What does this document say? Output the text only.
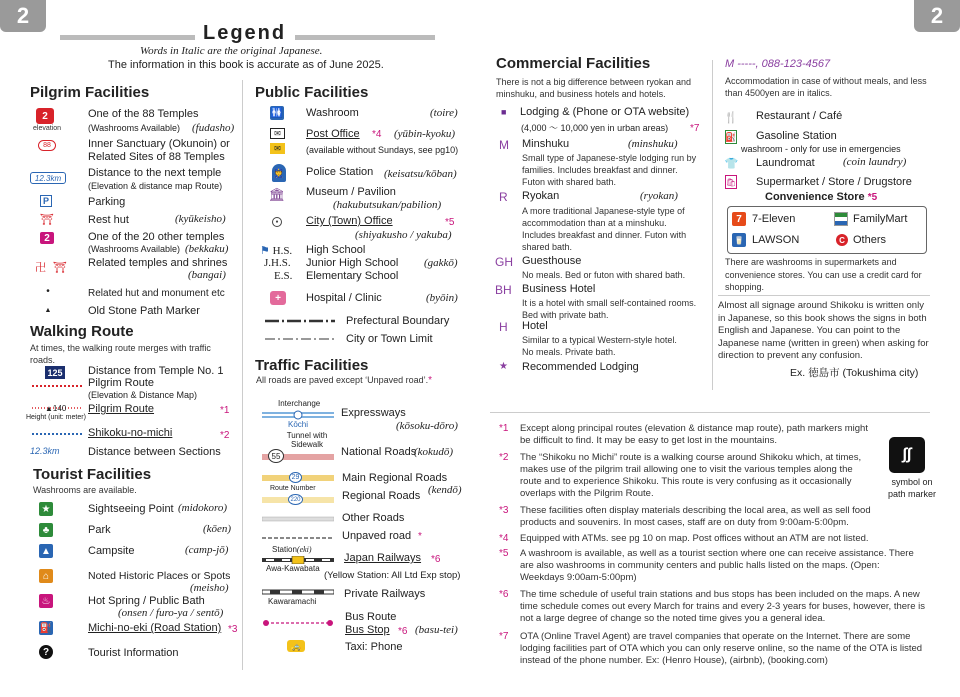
2	2
Legend
Words in Italic are the original Japanese.
The information in this book is accurate as of June 2025.
Pilgrim Facilities
2
elevation
One of the 88 Temples
(Washrooms Available) (fudasho)
88	Inner Sanctuary (Okunoin) or
Related Sites of 88 Temples
12.3km	Distance to the next temple
(Elevation & distance map Route)
P	Parking
⛩	Rest hut	(kyūkeisho)
2	One of the 20 other temples
(Washrooms Available) (bekkaku)
卍 ⛩ Related temples and shrines
(bangai)
•	Related hut and monument etc
▲	Old Stone Path Marker
Walking Route
At times, the walking route merges with traffic roads.
125 Distance from Temple No. 1
Pilgrim Route
(Elevation & Distance Map)
▲140
Height (unit: meter)
Pilgrim Route	*1
Shikoku-no-michi	*2
12.3km	Distance between Sections
Tourist Facilities
Washrooms are available.
★	Sightseeing Point (midokoro)
♣	Park	(kōen)
▲	Campsite	(camp-jō)
⌂	Noted Historic Places or Spots
(meisho)
♨	Hot Spring / Public Bath
(onsen / furo-ya / sentō)
⛽	Michi-no-eki (Road Station) *3
?	Tourist Information
Public Facilities
🚻 Washroom	(toire)
✉
✉
Post Office *4 (yūbin-kyoku)
(available without Sundays, see pg10)
👮 Police Station (keisatsu/kōban)
🏛 Museum / Pavilion
(hakubutsukan/pabilion)
●	City (Town) Office	*5
(shiyakusho / yakuba)
⚑ H.S. High School
J.H.S. Junior High School (gakkō)
E.S. Elementary School
+	Hospital / Clinic	(byōin)
Prefectural Boundary
City or Town Limit
Traffic Facilities
All roads are paved except ‘Unpaved road’.*
Interchange
Kōchi
Expressways
(kōsoku-dōro)
Tunnel with Sidewalk
55	National Roads
(kokudō)
29	Main Regional Roads
Route Number
220	Regional Roads (kendō)
Other Roads
Unpaved road *
Station(eki)
Awa-Kawabata
Japan Railways *6
(Yellow Station: All Ltd Exp stop)
Kawaramachi
Private Railways
Bus Route
Bus Stop *6 (basu-tei)
🚕	Taxi: Phone
Commercial Facilities
There is not a big difference between ryokan and minshuku, and business hotels and hotels.
■ Lodging & (Phone or OTA website)
(4,000 ～ 10,000 yen in urban areas) *7
M Minshuku	(minshuku)
Small type of Japanese-style lodging run by families. Includes breakfast and dinner. Futon with shared bath.
R Ryokan	(ryokan)
A more traditional Japanese-style type of accommodation than at a minshuku. Includes breakfast and dinner. Futon with shared bath.
GH Guesthouse
No meals. Bed or futon with shared bath.
BH Business Hotel
It is a hotel with small self-contained rooms. Bed with private bath.
H Hotel
Similar to a typical Western-style hotel. No meals. Private bath.
★ Recommended Lodging
M -----, 088-123-4567
Accommodation in case of without meals, and less than 4500yen are in italics.
🍴 Restaurant / Café
⛽ Gasoline Station
washroom - only for use in emergencies
👕 Laundromat	(coin laundry)
🛍 Supermarket / Store / Drugstore
Convenience Store *5
7 7-Eleven	FamilyMart
🥛 LAWSON	C Others
There are washrooms in supermarkets and convenience stores. You can use a credit card for shopping.
Almost all signage around Shikoku is written only in Japanese, so this book shows the signs in both English and Japanese. You can point to the Japanese name (written in green) when asking for direction to prevent any confusion.
Ex. 徳島市 (Tokushima city)
∫∫
symbol on path marker
*1 Except along principal routes (elevation & distance map route), path markers might be difficult to find. It may be easy to get lost in the mountains.
*2 The “Shikoku no Michi” route is a walking course around Shikoku which, at times, makes use of the pilgrim trail allowing one to visit the various temples along the route and to experience Shikoku. This route is very confusing as it occasionally overlaps with the Pilgrim Route.
*3 These facilities often display materials describing the local area, as well as sell food products and souvenirs. In most cases, staff are on duty from 9:00am-5:00pm.
*4 Equipped with ATMs. see pg 10 on map. Post offices without an ATM are not listed.
*5 A washroom is available, as well as a tourist section where one can receive assistance. There are also washrooms in community centers and public halls listed on the maps. (Open: Weekdays 9:00am-5:00pm)
*6 The time schedule of useful train stations and bus stops has been included on the maps. A new time schedule comes out every March for trains and every 2-3 years for buses, however, there is not a large degree of change so the noted time gives you a general idea.
*7 OTA (Online Travel Agent) are travel companies that operate on the Internet. There are some lodging facilities part of OTA which you can only reserve online, so the name of the OTA is listed instead of the phone number. Ex: (Henro House), (airbnb), (booking.com)
